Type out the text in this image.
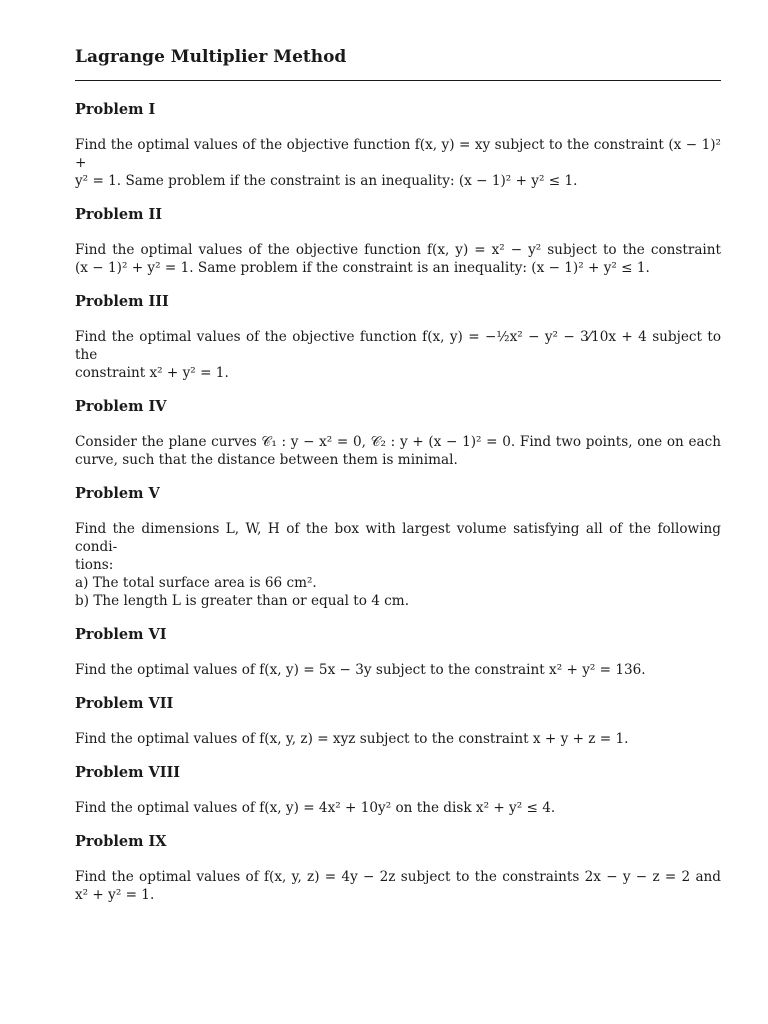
Lagrange Multiplier Method
Problem I

Find the optimal values of the objective function f(x, y) = xy subject to the constraint (x − 1)² +
y² = 1. Same problem if the constraint is an inequality: (x − 1)² + y² ≤ 1.

Problem II

Find the optimal values of the objective function f(x, y) = x² − y² subject to the constraint
(x − 1)² + y² = 1. Same problem if the constraint is an inequality: (x − 1)² + y² ≤ 1.

Problem III

Find the optimal values of the objective function f(x, y) = −½x² − y² − 3⁄10x + 4 subject to the
constraint x² + y² = 1.

Problem IV

Consider the plane curves 𝒞₁ : y − x² = 0, 𝒞₂ : y + (x − 1)² = 0. Find two points, one on each
curve, such that the distance between them is minimal.

Problem V

Find the dimensions L, W, H of the box with largest volume satisfying all of the following condi-
tions:
a) The total surface area is 66 cm².
b) The length L is greater than or equal to 4 cm.

Problem VI

Find the optimal values of f(x, y) = 5x − 3y subject to the constraint x² + y² = 136.

Problem VII

Find the optimal values of f(x, y, z) = xyz subject to the constraint x + y + z = 1.

Problem VIII

Find the optimal values of f(x, y) = 4x² + 10y² on the disk x² + y² ≤ 4.

Problem IX

Find the optimal values of f(x, y, z) = 4y − 2z subject to the constraints 2x − y − z = 2 and
x² + y² = 1.
